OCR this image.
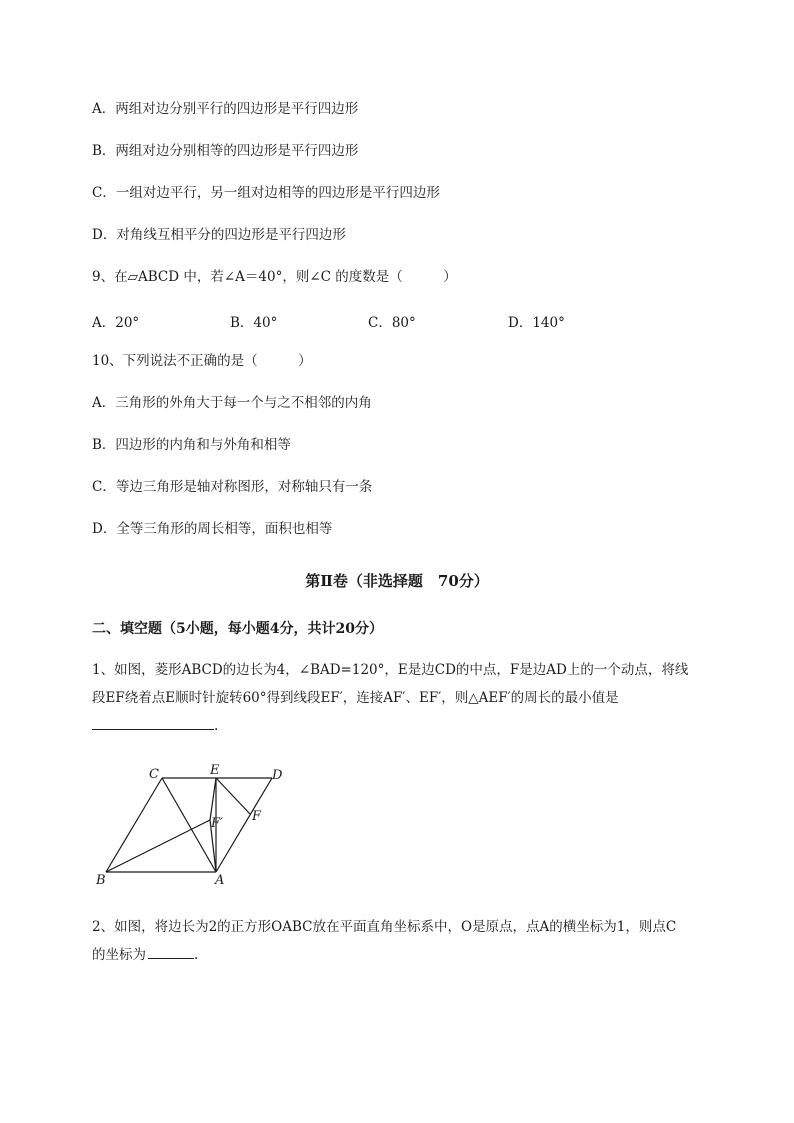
A．两组对边分别平行的四边形是平行四边形
B．两组对边分别相等的四边形是平行四边形
C．一组对边平行，另一组对边相等的四边形是平行四边形
D．对角线互相平分的四边形是平行四边形
9、在▱ABCD 中，若∠A＝40°，则∠C 的度数是（　　　）
A．20°	B．40°	C．80°	D．140°
10、下列说法不正确的是（　　　）
A．三角形的外角大于每一个与之不相邻的内角
B．四边形的内角和与外角和相等
C．等边三角形是轴对称图形，对称轴只有一条
D．全等三角形的周长相等，面积也相等
第Ⅱ卷（非选择题　70分）
二、填空题（5小题，每小题4分，共计20分）
1、如图，菱形ABCD的边长为4，∠BAD=120°，E是边CD的中点，F是边AD上的一个动点，将线
段EF绕着点E顺时针旋转60°得到线段EF′，连接AF′、EF′，则△AEF′的周长的最小值是
.
C	E	D
F
F′
B	A
2、如图，将边长为2的正方形OABC放在平面直角坐标系中，O是原点，点A的横坐标为1，则点C
的坐标为	.
